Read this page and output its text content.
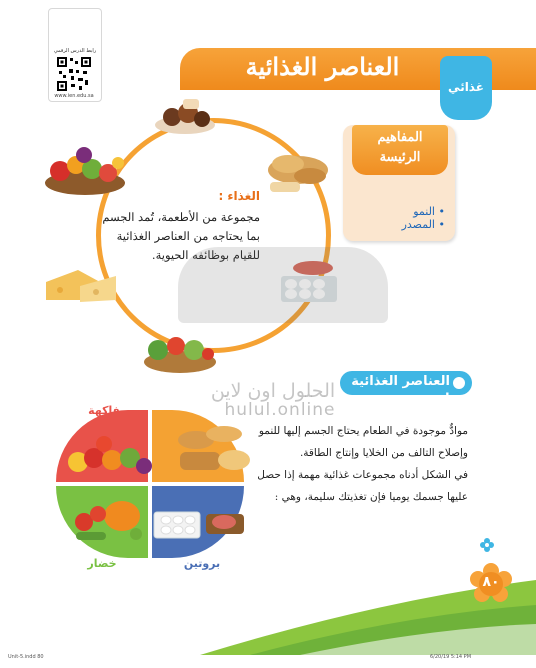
رابط الدرس الرقمي
www.ien.edu.sa
العناصر الغذائية
غذائي
المفاهيم
الرئيسة
• النمو
• المصدر
الغذاء :
مجموعة من الأطعمة، تُمد الجسم
بما يحتاجه من العناصر الغذائية
للقيام بوظائفه الحيوية.
الحلول اون لاين
hulul.online
العناصر الغذائية :
موادٌّ موجودة في الطعام يحتاج الجسم إليها للنمو
وإصلاح التالف من الخلايا وإنتاج الطاقة.
في الشكل أدناه مجموعات غذائية مهمة إذا حصل
عليها جسمك يوميا فإن تغذيتك سليمة، وهي :
فاكهة
خضار	بروتين
٨٠
Unit-5.indd 80	6/20/19 5:14 PM
